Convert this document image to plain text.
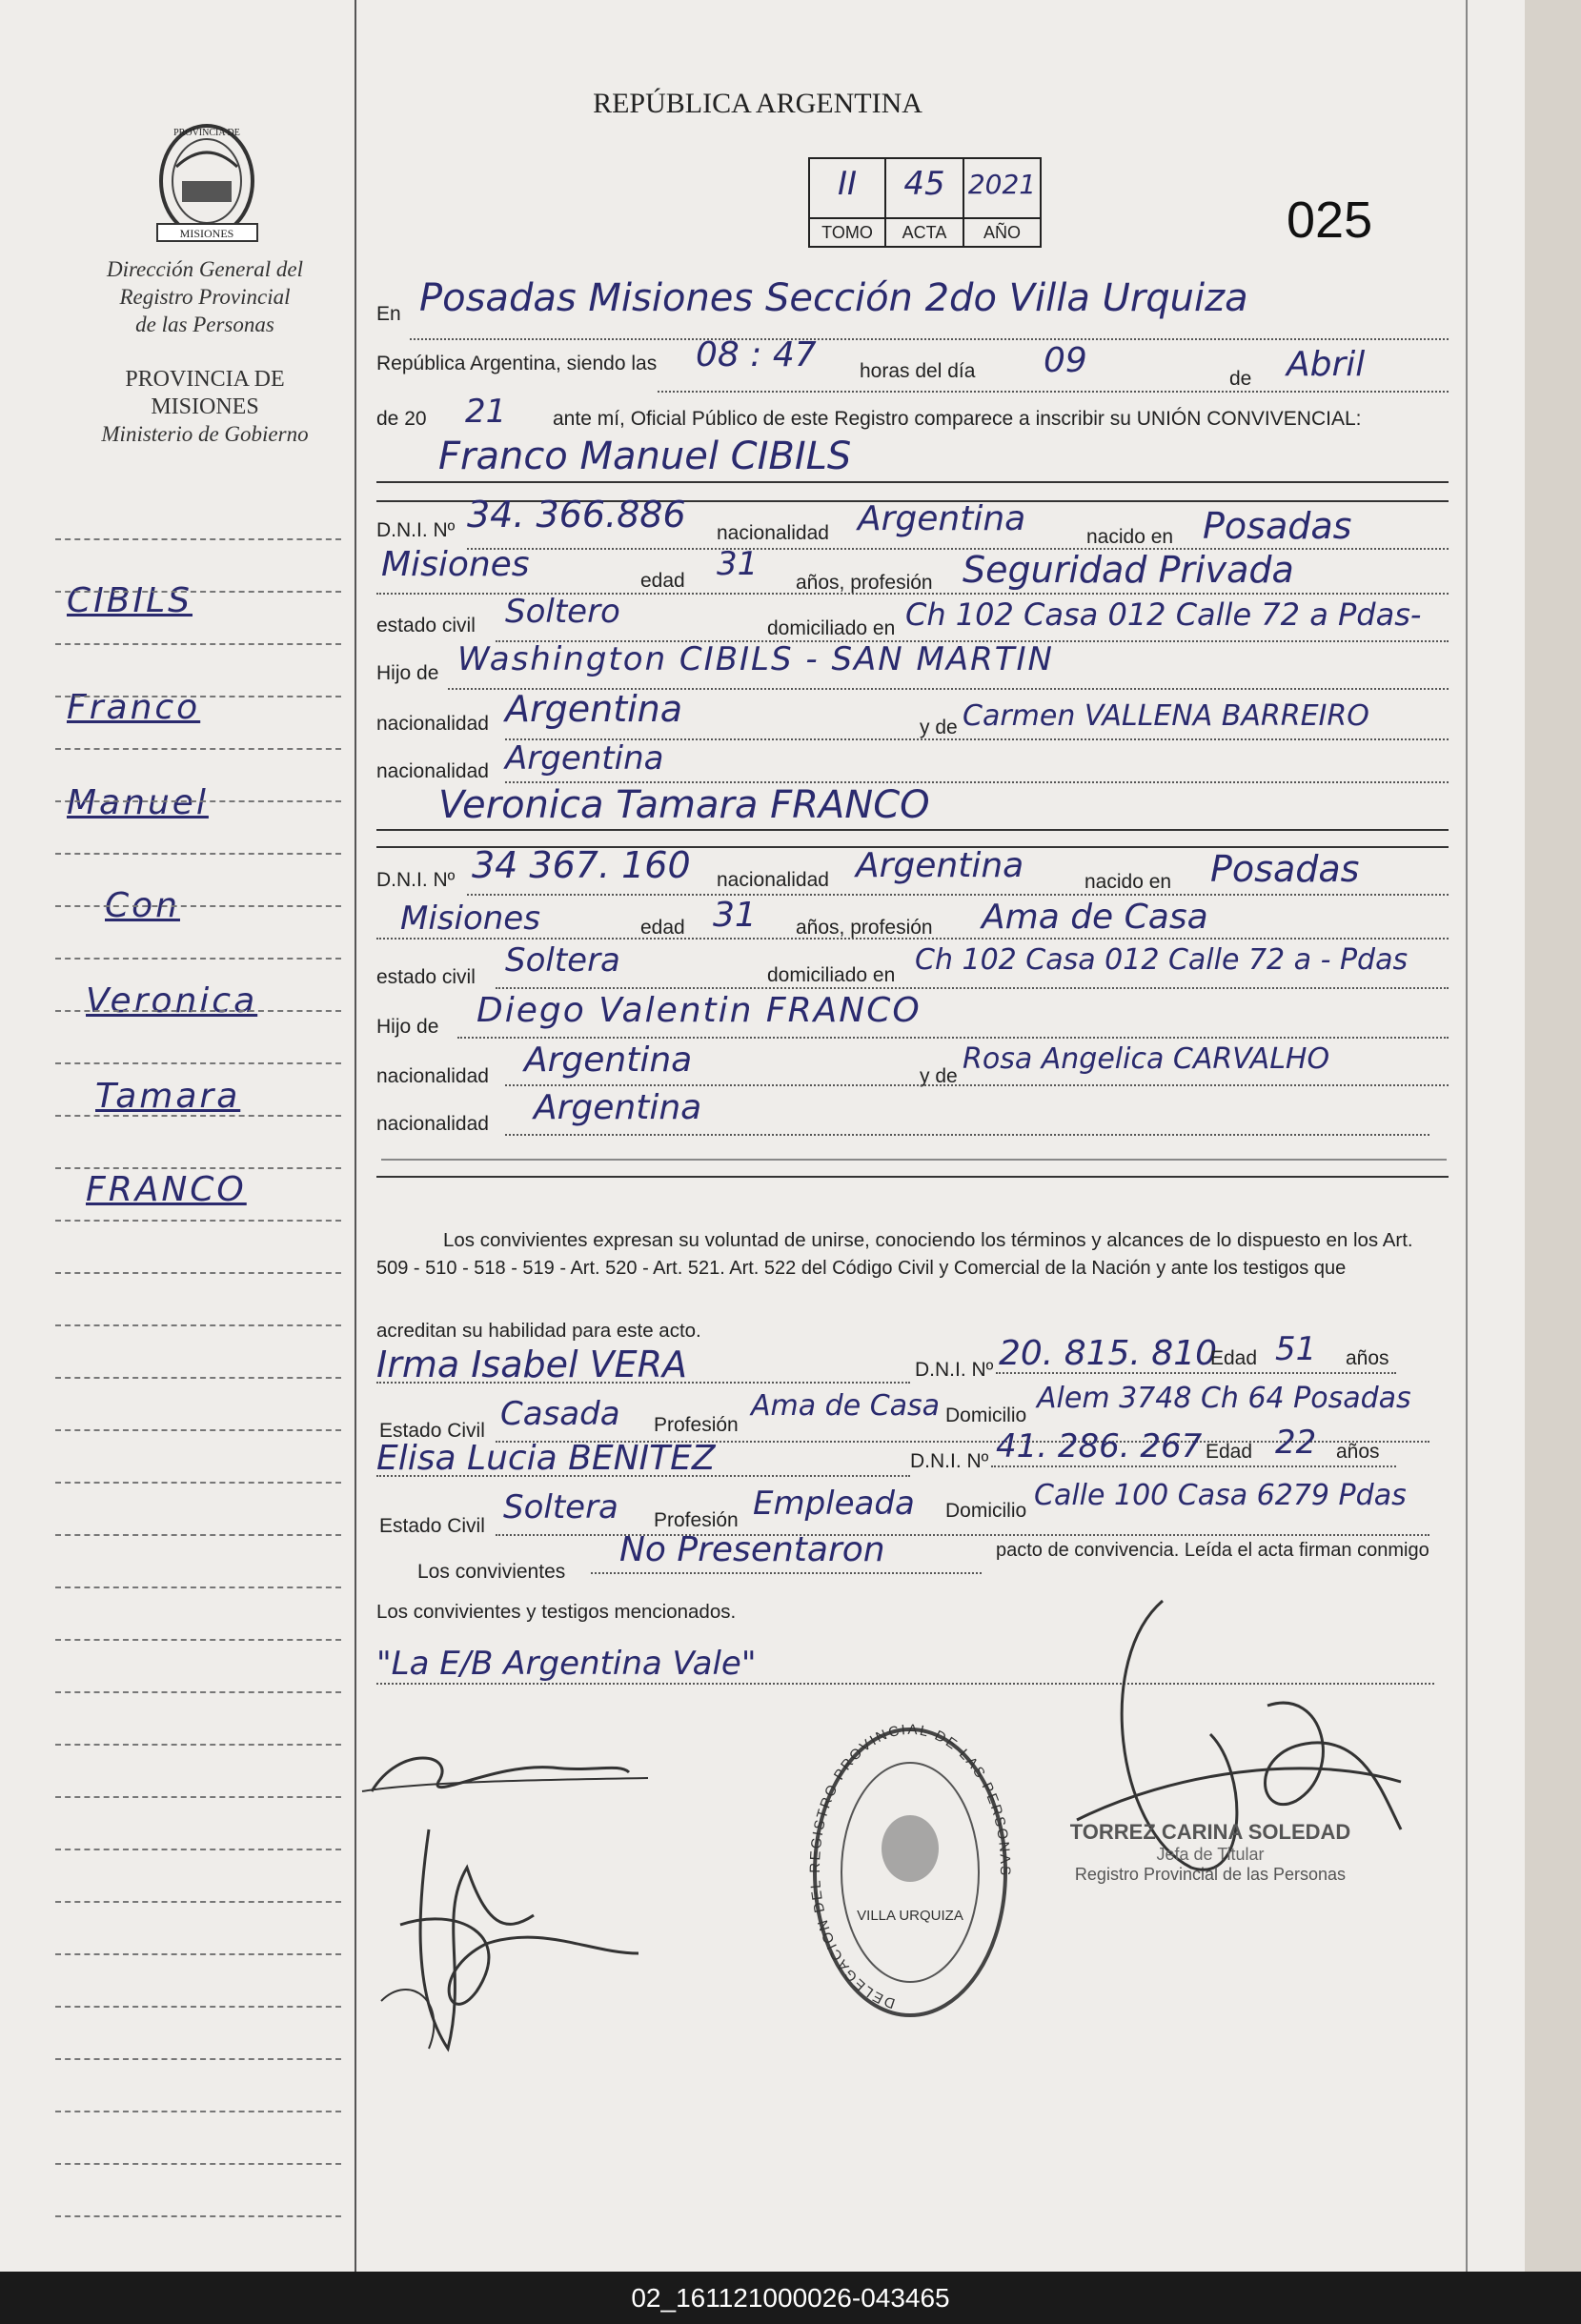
MISIONES
PROVINCIA DE
Dirección General del
Registro Provincial
de las Personas
PROVINCIA DE
MISIONES
Ministerio de Gobierno
CIBILS
Franco
Manuel
Con
Veronica
Tamara
FRANCO
REPÚBLICA ARGENTINA
II
TOMO
45
ACTA
2021
AÑO	025
En Posadas Misiones Sección 2do Villa Urquiza
República Argentina, siendo las 08 : 47 horas del día 09	de Abril
de 20 21 ante mí, Oficial Público de este Registro comparece a inscribir su UNIÓN CONVIVENCIAL:
Franco Manuel CIBILS
D.N.I. Nº 34. 366.886 nacionalidad Argentina	nacido en Posadas
Misiones	edad 31 años, profesión Seguridad Privada
estado civil Soltero	domiciliado en Ch 102 Casa 012 Calle 72 a Pdas-
Hijo de Washington CIBILS - SAN MARTIN
nacionalidad Argentina	y de Carmen VALLENA BARREIRO
nacionalidad Argentina
Veronica Tamara FRANCO
D.N.I. Nº 34 367. 160 nacionalidad Argentina	nacido en Posadas
Misiones	edad 31 años, profesión Ama de Casa
estado civil Soltera	domiciliado en Ch 102 Casa 012 Calle 72 a - Pdas
Hijo de Diego Valentin FRANCO
nacionalidad Argentina	y de
Rosa Angelica CARVALHO
nacionalidad Argentina
Los convivientes expresan su voluntad de unirse, conociendo los términos y alcances de lo dispuesto en los Art.
509 - 510 - 518 - 519 - Art. 520 - Art. 521. Art. 522 del Código Civil y Comercial de la Nación y ante los testigos que
acreditan su habilidad para este acto.
Irma Isabel VERA	D.N.I. Nº 20. 815. 810
Edad 51 años
Estado Civil Casada Profesión
Ama de Casa Domicilio
Alem 3748 Ch 64 Posadas
Elisa Lucia BENITEZ	D.N.I. Nº 41. 286. 267 Edad 22 años
Estado Civil Soltera Profesión Empleada Domicilio Calle 100 Casa 6279 Pdas
Los convivientes
No Presentaron	pacto de convivencia. Leída el acta firman conmigo
Los convivientes y testigos mencionados.
"La E/B Argentina Vale"
DELEGACION DEL REGISTRO PROVINCIAL DE LAS PERSONAS
VILLA URQUIZA
TORREZ CARINA SOLEDAD
Jefa de Titular
Registro Provincial de las Personas
02_161121000026-043465
